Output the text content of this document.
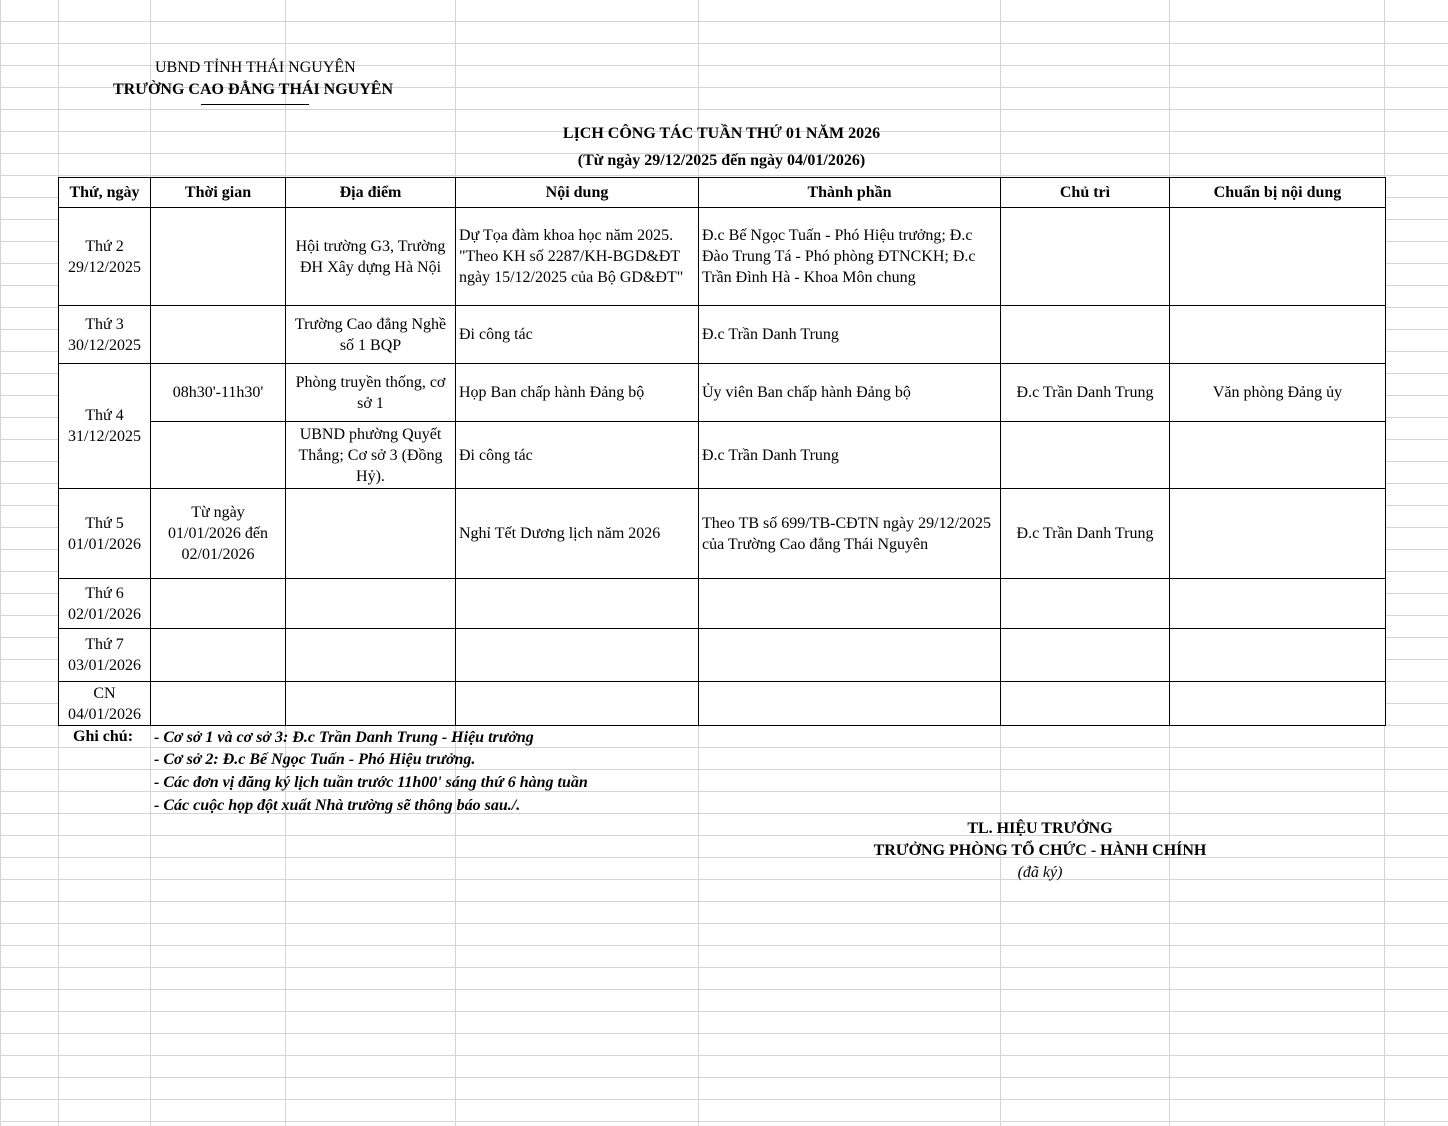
UBND TỈNH THÁI NGUYÊN
TRƯỜNG CAO ĐẲNG THÁI NGUYÊN
LỊCH CÔNG TÁC TUẦN THỨ 01 NĂM 2026
(Từ ngày 29/12/2025 đến ngày 04/01/2026)
Thứ, ngày	Thời gian	Địa điểm	Nội dung	Thành phần	Chủ trì	Chuẩn bị nội dung

Thứ 2
29/12/2025		Hội trường G3, Trường ĐH Xây dựng Hà Nội	Dự Tọa đàm khoa học năm 2025. "Theo KH số 2287/KH-BGD&ĐT ngày 15/12/2025 của Bộ GD&ĐT"	Đ.c Bế Ngọc Tuấn - Phó Hiệu trưởng; Đ.c Đào Trung Tá - Phó phòng ĐTNCKH; Đ.c Trần Đình Hà - Khoa Môn chung		

Thứ 3
30/12/2025		Trường Cao đẳng Nghề số 1 BQP	Đi công tác	Đ.c Trần Danh Trung		

Thứ 4
31/12/2025	08h30'-11h30'	Phòng truyền thống, cơ sở 1	Họp Ban chấp hành Đảng bộ	Ủy viên Ban chấp hành Đảng bộ	Đ.c Trần Danh Trung	Văn phòng Đảng ủy
		UBND phường Quyết Thắng; Cơ sở 3 (Đồng Hỷ).	Đi công tác	Đ.c Trần Danh Trung		

Thứ 5
01/01/2026	Từ ngày 01/01/2026 đến 02/01/2026		Nghỉ Tết Dương lịch năm 2026	Theo TB số 699/TB-CĐTN ngày 29/12/2025 của Trường Cao đẳng Thái Nguyên	Đ.c Trần Danh Trung	

Thứ 6
02/01/2026						

Thứ 7
03/01/2026						

CN
04/01/2026						

Ghi chú: - Cơ sở 1 và cơ sở 3: Đ.c Trần Danh Trung - Hiệu trưởng
- Cơ sở 2: Đ.c Bế Ngọc Tuấn - Phó Hiệu trưởng.
- Các đơn vị đăng ký lịch tuần trước 11h00' sáng thứ 6 hàng tuần
- Các cuộc họp đột xuất Nhà trường sẽ thông báo sau./.
TL. HIỆU TRƯỞNG
TRƯỞNG PHÒNG TỔ CHỨC - HÀNH CHÍNH
(đã ký)
